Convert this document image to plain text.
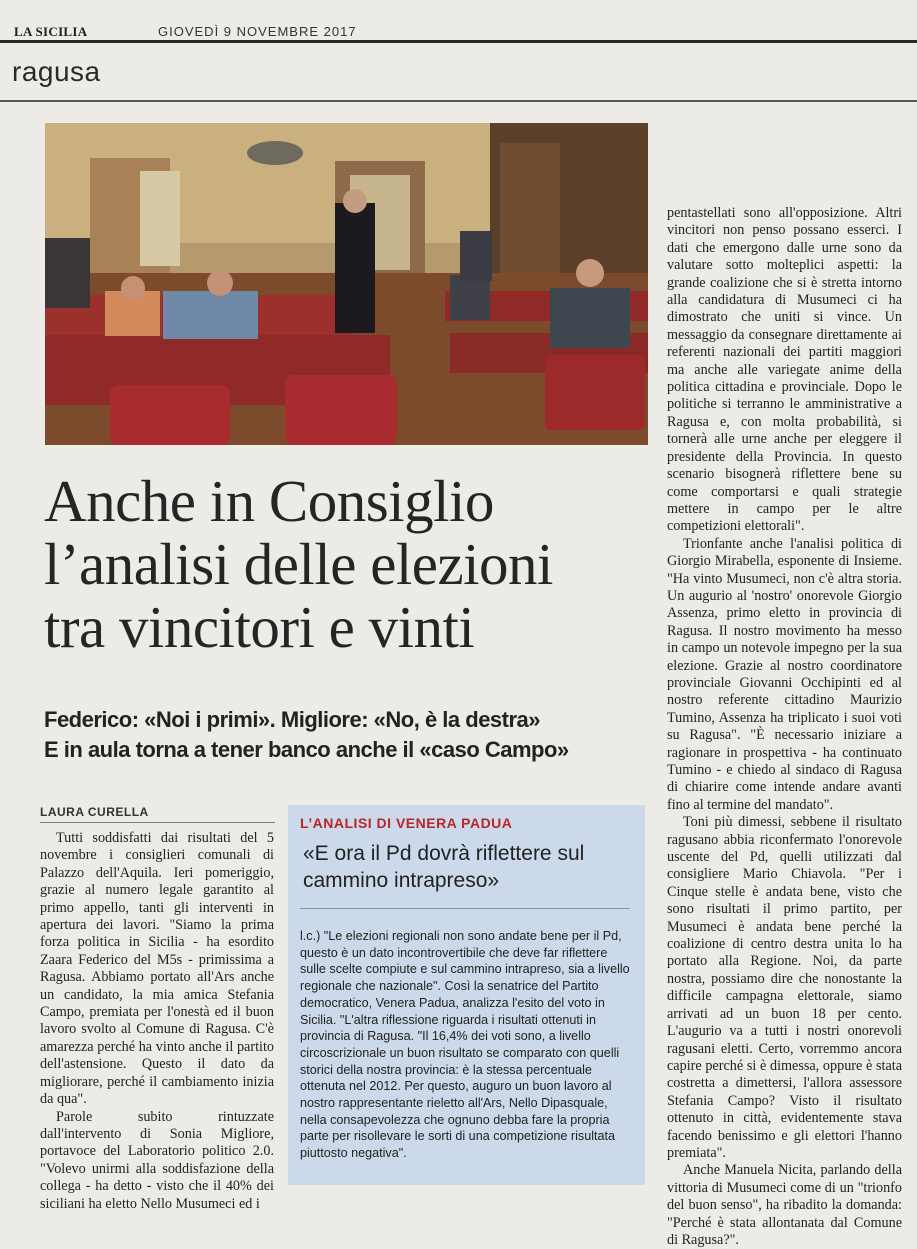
LA SICILIA	GIOVEDÌ 9 NOVEMBRE 2017
ragusa
Anche in Consiglio
l’analisi delle elezioni
tra vincitori e vinti
Federico: «Noi i primi». Migliore: «No, è la destra»
E in aula torna a tener banco anche il «caso Campo»
LAURA CURELLA

Tutti soddisfatti dai risultati del 5 novembre i consiglieri comunali di Palazzo dell'Aquila. Ieri pomeriggio, grazie al numero legale garantito al primo appello, tanti gli interventi in apertura dei lavori. "Siamo la prima forza politica in Sicilia - ha esordito Zaara Federico del M5s - primissima a Ragusa. Abbiamo portato all'Ars anche un candidato, la mia amica Stefania Campo, premiata per l'onestà ed il buon lavoro svolto al Comune di Ragusa. C'è amarezza perché ha vinto anche il partito dell'astensione. Questo il dato da migliorare, perché il cambiamento inizia da qua".

Parole subito rintuzzate dall'intervento di Sonia Migliore, portavoce del Laboratorio politico 2.0. "Volevo unirmi alla soddisfazione della collega - ha detto - visto che il 40% dei siciliani ha eletto Nello Musumeci ed i

L’ANALISI DI VENERA PADUA
«E ora il Pd dovrà riflettere sul cammino intrapreso»

l.c.) "Le elezioni regionali non sono andate bene per il Pd, questo è un dato incontrovertibile che deve far riflettere sulle scelte compiute e sul cammino intrapreso, sia a livello regionale che nazionale". Così la senatrice del Partito democratico, Venera Padua, analizza l'esito del voto in Sicilia. "L'altra riflessione riguarda i risultati ottenuti in provincia di Ragusa. "Il 16,4% dei voti sono, a livello circoscrizionale un buon risultato se comparato con quelli storici della nostra provincia: è la stessa percentuale ottenuta nel 2012. Per questo, auguro un buon lavoro al nostro rappresentante rieletto all'Ars, Nello Dipasquale, nella consapevolezza che ognuno debba fare la propria parte per risollevare le sorti di una competizione risultata piuttosto negativa".

pentastellati sono all'opposizione. Altri vincitori non penso possano esserci. I dati che emergono dalle urne sono da valutare sotto molteplici aspetti: la grande coalizione che si è stretta intorno alla candidatura di Musumeci ci ha dimostrato che uniti si vince. Un messaggio da consegnare direttamente ai referenti nazionali dei partiti maggiori ma anche alle variegate anime della politica cittadina e provinciale. Dopo le politiche si terranno le amministrative a Ragusa e, con molta probabilità, si tornerà alle urne anche per eleggere il presidente della Provincia. In questo scenario bisognerà riflettere bene su come comportarsi e quali strategie mettere in campo per le altre competizioni elettorali".

Trionfante anche l'analisi politica di Giorgio Mirabella, esponente di Insieme. "Ha vinto Musumeci, non c'è altra storia. Un augurio al 'nostro' onorevole Giorgio Assenza, primo eletto in provincia di Ragusa. Il nostro movimento ha messo in campo un notevole impegno per la sua elezione. Grazie al nostro coordinatore provinciale Giovanni Occhipinti ed al nostro referente cittadino Maurizio Tumino, Assenza ha triplicato i suoi voti su Ragusa". "È necessario iniziare a ragionare in prospettiva - ha continuato Tumino - e chiedo al sindaco di Ragusa di chiarire come intende andare avanti fino al termine del mandato".

Toni più dimessi, sebbene il risultato ragusano abbia riconfermato l'onorevole uscente del Pd, quelli utilizzati dal consigliere Mario Chiavola. "Per i Cinque stelle è andata bene, visto che sono risultati il primo partito, per Musumeci è andata bene perché la coalizione di centro destra unita lo ha portato alla Regione. Noi, da parte nostra, possiamo dire che nonostante la difficile campagna elettorale, siamo arrivati ad un buon 18 per cento. L'augurio va a tutti i nostri onorevoli ragusani eletti. Certo, vorremmo ancora capire perché si è dimessa, oppure è stata costretta a dimettersi, l'allora assessore Stefania Campo? Visto il risultato ottenuto in città, evidentemente stava facendo benissimo e gli elettori l'hanno premiata".

Anche Manuela Nicita, parlando della vittoria di Musumeci come di un "trionfo del buon senso", ha ribadito la domanda: "Perché è stata allontanata dal Comune di Ragusa?".
